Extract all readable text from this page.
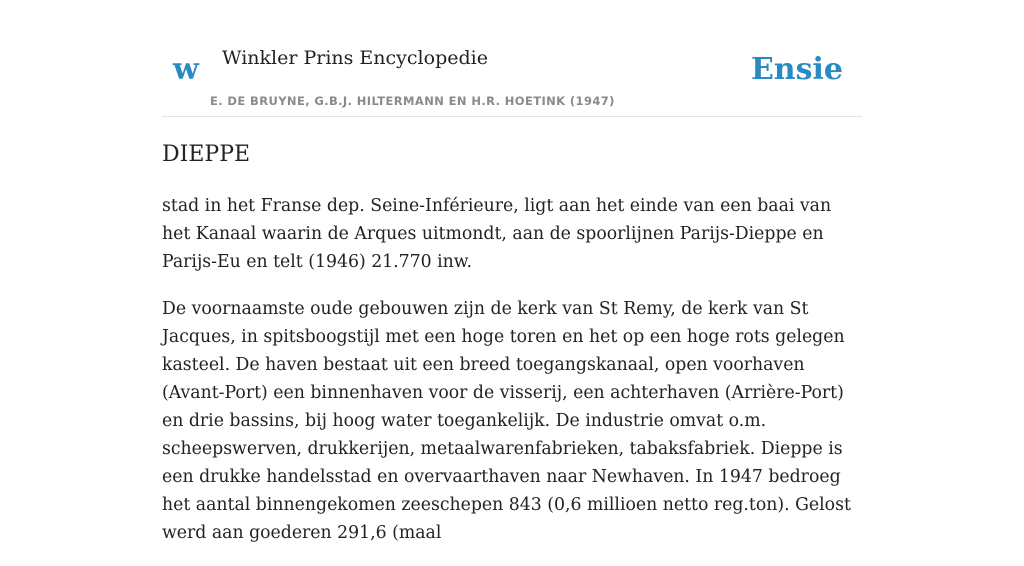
w Winkler Prins Encyclopedie
E. DE BRUYNE, G.B.J. HILTERMANN EN H.R. HOETINK (1947)
Ensie
DIEPPE

stad in het Franse dep. Seine-Inférieure, ligt aan het einde van een baai van het Kanaal waarin de Arques uitmondt, aan de spoorlijnen Parijs-Dieppe en Parijs-Eu en telt (1946) 21.770 inw.

De voornaamste oude gebouwen zijn de kerk van St Remy, de kerk van St Jacques, in spitsboogstijl met een hoge toren en het op een hoge rots gelegen kasteel. De haven bestaat uit een breed toegangskanaal, open voorhaven (Avant-Port) een binnenhaven voor de visserij, een achterhaven (Arrière-Port) en drie bassins, bij hoog water toegankelijk. De industrie omvat o.m. scheepswerven, drukkerijen, metaalwarenfabrieken, tabaksfabriek. Dieppe is een drukke handelsstad en overvaarthaven naar Newhaven. In 1947 bedroeg het aantal binnengekomen zeeschepen 843 (0,6 millioen netto reg.ton). Gelost werd aan goederen 291,6 (maal
